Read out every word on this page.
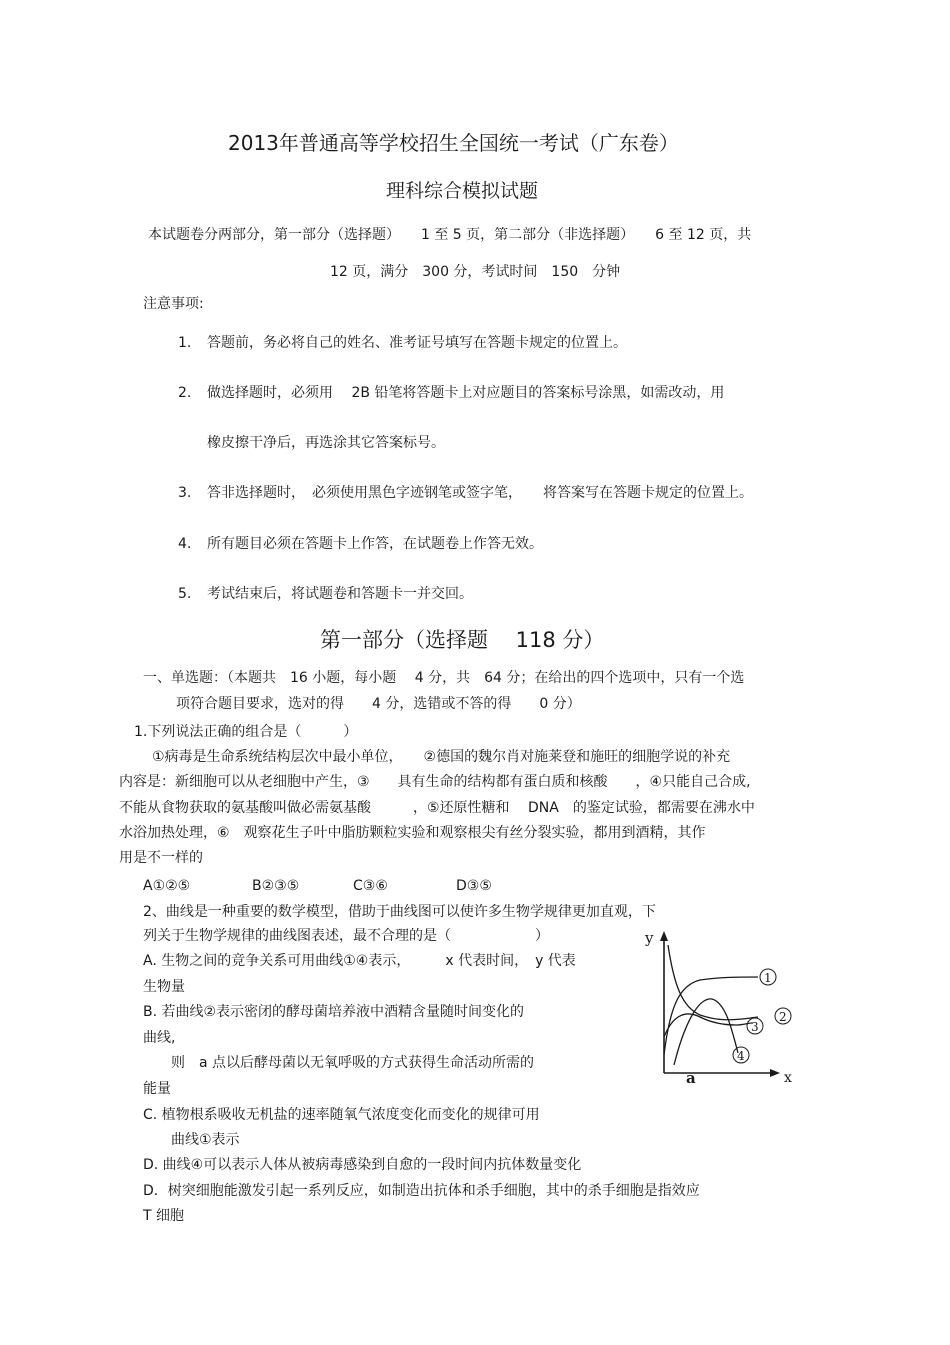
2013年普通高等学校招生全国统一考试（广东卷）
理科综合模拟试题
本试题卷分两部分，第一部分（选择题）　　1 至 5 页，第二部分（非选择题）　　6 至 12 页，共
12 页，满分　300 分，考试时间　150　分钟
注意事项:
1. 答题前，务必将自己的姓名、准考证号填写在答题卡规定的位置上。
2. 做选择题时，必须用　 2B 铅笔将答题卡上对应题目的答案标号涂黑，如需改动，用
橡皮擦干净后，再选涂其它答案标号。
3. 答非选择题时，　必须使用黑色字迹钢笔或签字笔，　　将答案写在答题卡规定的位置上。
4. 所有题目必须在答题卡上作答，在试题卷上作答无效。
5. 考试结束后，将试题卷和答题卡一并交回。
第一部分（选择题　 118 分）
一、单选题：（本题共　16 小题，每小题　 4 分，共　64 分；在给出的四个选项中，只有一个选
项符合题目要求，选对的得　　4 分，选错或不答的得　　0 分）
1.下列说法正确的组合是（　　　）
①病毒是生命系统结构层次中最小单位，　　②德国的魏尔肖对施莱登和施旺的细胞学说的补充
内容是：新细胞可以从老细胞中产生，③　　具有生命的结构都有蛋白质和核酸　　，④只能自己合成,
不能从食物获取的氨基酸叫做必需氨基酸　　　，⑤还原性糖和　 DNA　的鉴定试验，都需要在沸水中
水浴加热处理，⑥　观察花生子叶中脂肪颗粒实验和观察根尖有丝分裂实验，都用到酒精，其作
用是不一样的
A①②⑤	B②③⑤	C③⑥	D③⑤
2、曲线是一种重要的数学模型，借助于曲线图可以使许多生物学规律更加直观，下
列关于生物学规律的曲线图表述，最不合理的是（　　　　　　）
A. 生物之间的竞争关系可用曲线①④表示，　　　x 代表时间，　y 代表
生物量
B. 若曲线②表示密闭的酵母菌培养液中酒精含量随时间变化的
曲线,
则　a 点以后酵母菌以无氧呼吸的方式获得生命活动所需的
能量
C. 植物根系吸收无机盐的速率随氧气浓度变化而变化的规律可用
曲线①表示
D. 曲线④可以表示人体从被病毒感染到自愈的一段时间内抗体数量变化
D．树突细胞能激发引起一系列反应，如制造出抗体和杀手细胞，其中的杀手细胞是指效应
T 细胞
y
x
a
1
2
3
4
